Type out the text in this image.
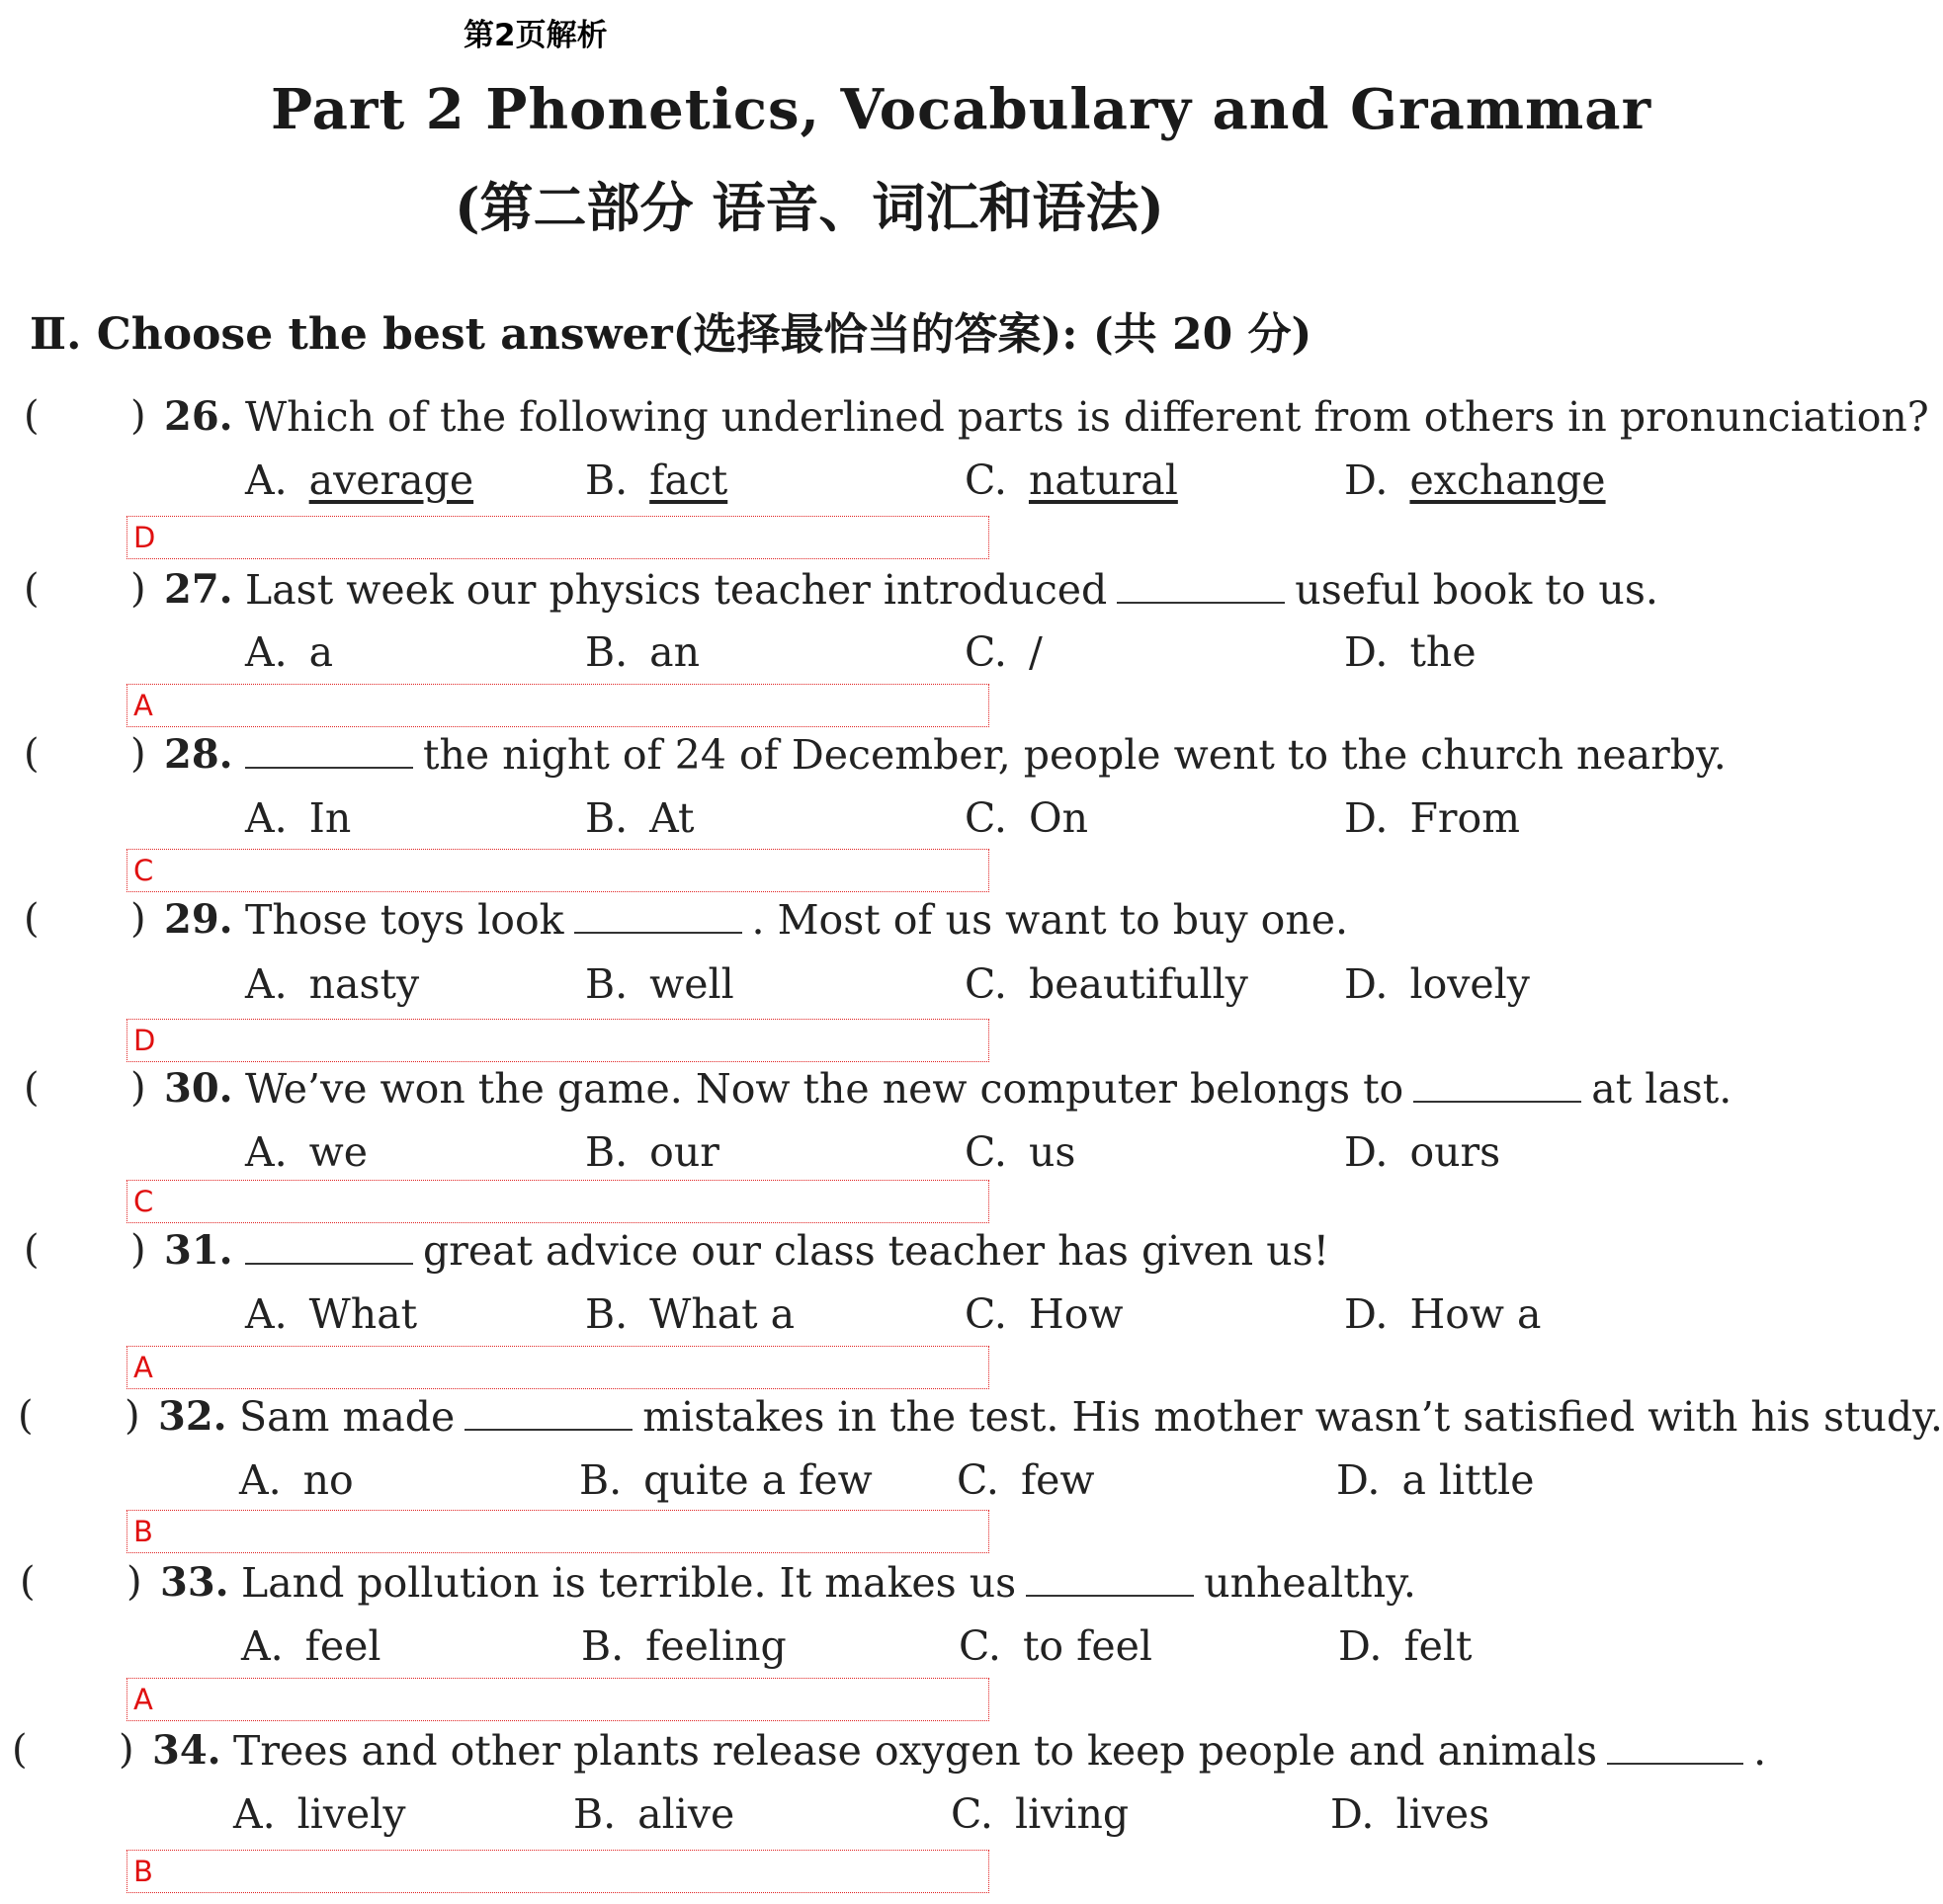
第2页解析
Part 2 Phonetics, Vocabulary and Grammar
(第二部分 语音、词汇和语法)
Ⅱ. Choose the best answer(选择最恰当的答案): (共 20 分)
( ) 26. Which of the following underlined parts is different from others in pronunciation?
A. average	B. fact	C. natural	D. exchange
D
( ) 27. Last week our physics teacher introduced	useful book to us.
A. a	B. an	C. /	D. the
A
( ) 28.	the night of 24 of December, people went to the church nearby.
A. In	B. At	C. On	D. From
C
( ) 29. Those toys look	. Most of us want to buy one.
A. nasty	B. well	C. beautifully D. lovely
D
( ) 30. We’ve won the game. Now the new computer belongs to	at last.
A. we	B. our	C. us	D. ours
C
( ) 31.	great advice our class teacher has given us!
A. What	B. What a	C. How	D. How a
A
( ) 32. Sam made	mistakes in the test. His mother wasn’t satisfied with his study.
A. no	B. quite a few C. few	D. a little
B
( ) 33. Land pollution is terrible. It makes us	unhealthy.
A. feel	B. feeling	C. to feel	D. felt
A
( ) 34. Trees and other plants release oxygen to keep people and animals	.
A. lively	B. alive	C. living	D. lives
B
